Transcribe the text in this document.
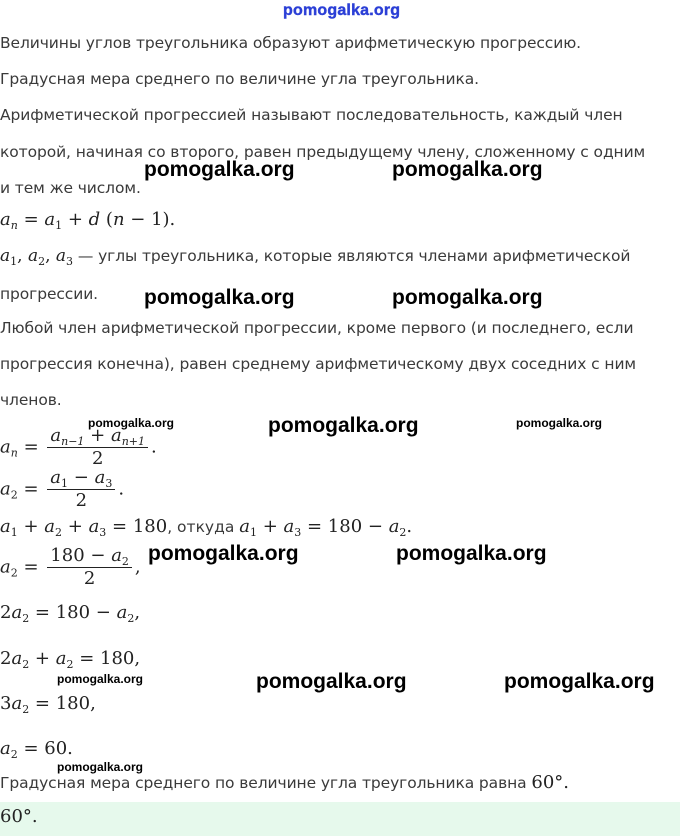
pomogalka.org
Величины углов треугольника образуют арифметическую прогрессию.
Градусная мера среднего по величине угла треугольника.
Арифметической прогрессией называют последовательность, каждый член
которой, начиная со второго, равен предыдущему члену, сложенному с одним
и тем же числом.
$a_n = a_1 + d$ (n − 1).
$a_1$, $a_2$, $a_3$ — углы треугольника, которые являются членами арифметической
прогрессии.
Любой член арифметической прогрессии, кроме первого (и последнего, если
прогрессия конечна), равен среднему арифметическому двух соседних с ним
членов.
$a_n = \frac{a_{n-1} + a_{n+1}}{2}$ .
$a_2 = \frac{a_1 - a_3}{2}$ .
$a_1 + a_2 + a_3 = 180$, откуда $a_1 + a_3 = 180 - a_2$.
$a_2 = \frac{180 - a_2}{2}$ ,
$2a_2 = 180 - a_2$,
$2a_2 + a_2 = 180$,
$3a_2 = 180$,
$a_2 = 60$.
Градусная мера среднего по величине угла треугольника равна 60°.
60°.
pomogalka.org	pomogalka.org
pomogalka.org	pomogalka.org
pomogalka.org	pomogalka.org	pomogalka.org
pomogalka.org	pomogalka.org
pomogalka.org	pomogalka.org	pomogalka.org
pomogalka.org
